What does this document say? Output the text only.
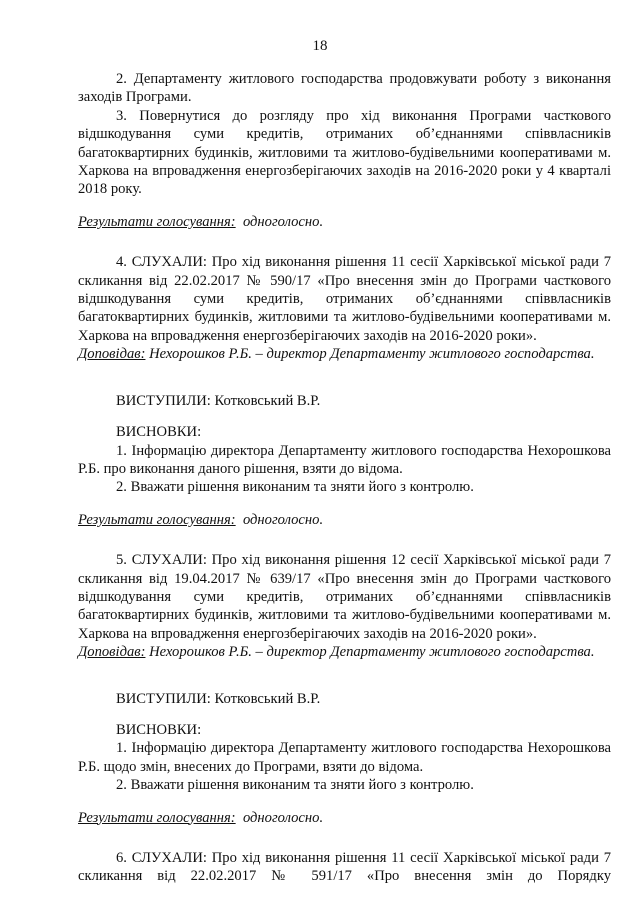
18

2. Департаменту житлового господарства продовжувати роботу з виконання заходів Програми.

3. Повернутися до розгляду про хід виконання Програми часткового відшкодування суми кредитів, отриманих об’єднаннями співвласників багатоквартирних будинків, житловими та житлово-будівельними кооперативами м. Харкова на впровадження енергозберігаючих заходів на 2016-2020 роки у 4 кварталі 2018 року.

Результати голосування: одноголосно.

4. СЛУХАЛИ: Про хід виконання рішення 11 сесії Харківської міської ради 7 скликання від 22.02.2017 № 590/17 «Про внесення змін до Програми часткового відшкодування суми кредитів, отриманих об’єднаннями співвласників багатоквартирних будинків, житловими та житлово-будівельними кооперативами м. Харкова на впровадження енергозберігаючих заходів на 2016-2020 роки».

Доповідав: Нехорошков Р.Б. – директор Департаменту житлового господарства.

ВИСТУПИЛИ: Котковський В.Р.

ВИСНОВКИ:

1. Інформацію директора Департаменту житлового господарства Нехорошкова Р.Б. про виконання даного рішення, взяти до відома.

2. Вважати рішення виконаним та зняти його з контролю.

Результати голосування: одноголосно.

5. СЛУХАЛИ: Про хід виконання рішення 12 сесії Харківської міської ради 7 скликання від 19.04.2017 № 639/17 «Про внесення змін до Програми часткового відшкодування суми кредитів, отриманих об’єднаннями співвласників багатоквартирних будинків, житловими та житлово-будівельними кооперативами м. Харкова на впровадження енергозберігаючих заходів на 2016-2020 роки».

Доповідав: Нехорошков Р.Б. – директор Департаменту житлового господарства.

ВИСТУПИЛИ: Котковський В.Р.

ВИСНОВКИ:

1. Інформацію директора Департаменту житлового господарства Нехорошкова Р.Б. щодо змін, внесених до Програми, взяти до відома.

2. Вважати рішення виконаним та зняти його з контролю.

Результати голосування: одноголосно.

6. СЛУХАЛИ: Про хід виконання рішення 11 сесії Харківської міської ради 7 скликання від 22.02.2017 № 591/17 «Про внесення змін до Порядку
